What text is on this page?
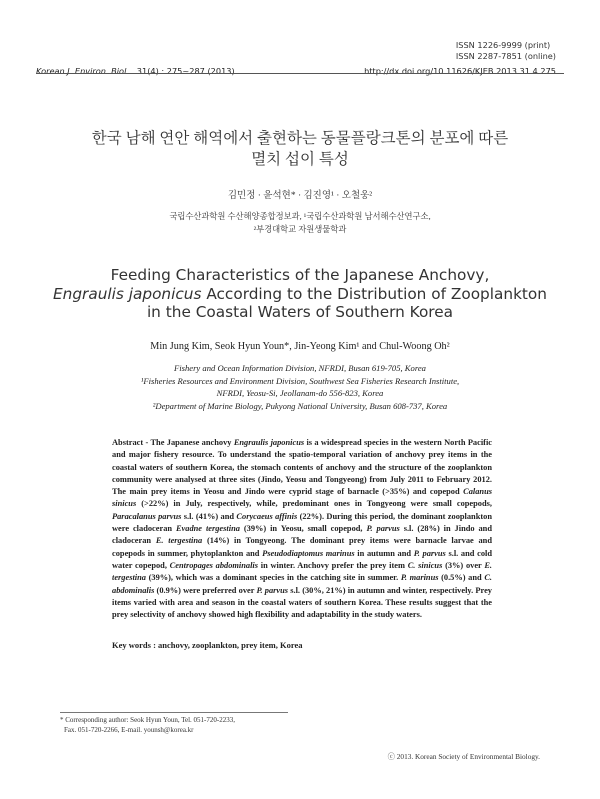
ISSN 1226-9999 (print)
ISSN 2287-7851 (online)
Korean J. Environ. Biol. 31(4) : 275~287 (2013)	http://dx.doi.org/10.11626/KJEB.2013.31.4.275
한국 남해 연안 해역에서 출현하는 동물플랑크톤의 분포에 따른
멸치 섭이 특성
김민정 · 윤석현* · 김진영¹ · 오철웅²
국립수산과학원 수산해양종합정보과, ¹국립수산과학원 남서해수산연구소,
²부경대학교 자원생물학과
Feeding Characteristics of the Japanese Anchovy,
Engraulis japonicus According to the Distribution of Zooplankton
in the Coastal Waters of Southern Korea
Min Jung Kim, Seok Hyun Youn*, Jin-Yeong Kim¹ and Chul-Woong Oh²
Fishery and Ocean Information Division, NFRDI, Busan 619-705, Korea
¹Fisheries Resources and Environment Division, Southwest Sea Fisheries Research Institute,
NFRDI, Yeosu-Si, Jeollanam-do 556-823, Korea
²Department of Marine Biology, Pukyong National University, Busan 608-737, Korea
Abstract - The Japanese anchovy Engraulis japonicus is a widespread species in the western North Pacific and major fishery resource. To understand the spatio-temporal variation of anchovy prey items in the coastal waters of southern Korea, the stomach contents of anchovy and the structure of the zooplankton community were analysed at three sites (Jindo, Yeosu and Tongyeong) from July 2011 to February 2012. The main prey items in Yeosu and Jindo were cyprid stage of barnacle (>35%) and copepod Calanus sinicus (>22%) in July, respectively, while, predominant ones in Tongyeong were small copepods, Paracalanus parvus s.l. (41%) and Corycaeus affinis (22%). During this period, the dominant zooplankton were cladoceran Evadne tergestina (39%) in Yeosu, small copepod, P. parvus s.l. (28%) in Jindo and cladoceran E. tergestina (14%) in Tongyeong. The dominant prey items were barnacle larvae and copepods in summer, phytoplankton and Pseudodiaptomus marinus in autumn and P. parvus s.l. and cold water copepod, Centropages abdominalis in winter. Anchovy prefer the prey item C. sinicus (3%) over E. tergestina (39%), which was a dominant species in the catching site in summer. P. marinus (0.5%) and C. abdominalis (0.9%) were preferred over P. parvus s.l. (30%, 21%) in autumn and winter, respectively. Prey items varied with area and season in the coastal waters of southern Korea. These results suggest that the prey selectivity of anchovy showed high flexibility and adaptability in the study waters.
Key words : anchovy, zooplankton, prey item, Korea
* Corresponding author: Seok Hyun Youn, Tel. 051-720-2233,
Fax. 051-720-2266, E-mail. younsh@korea.kr
ⓒ 2013. Korean Society of Environmental Biology.
